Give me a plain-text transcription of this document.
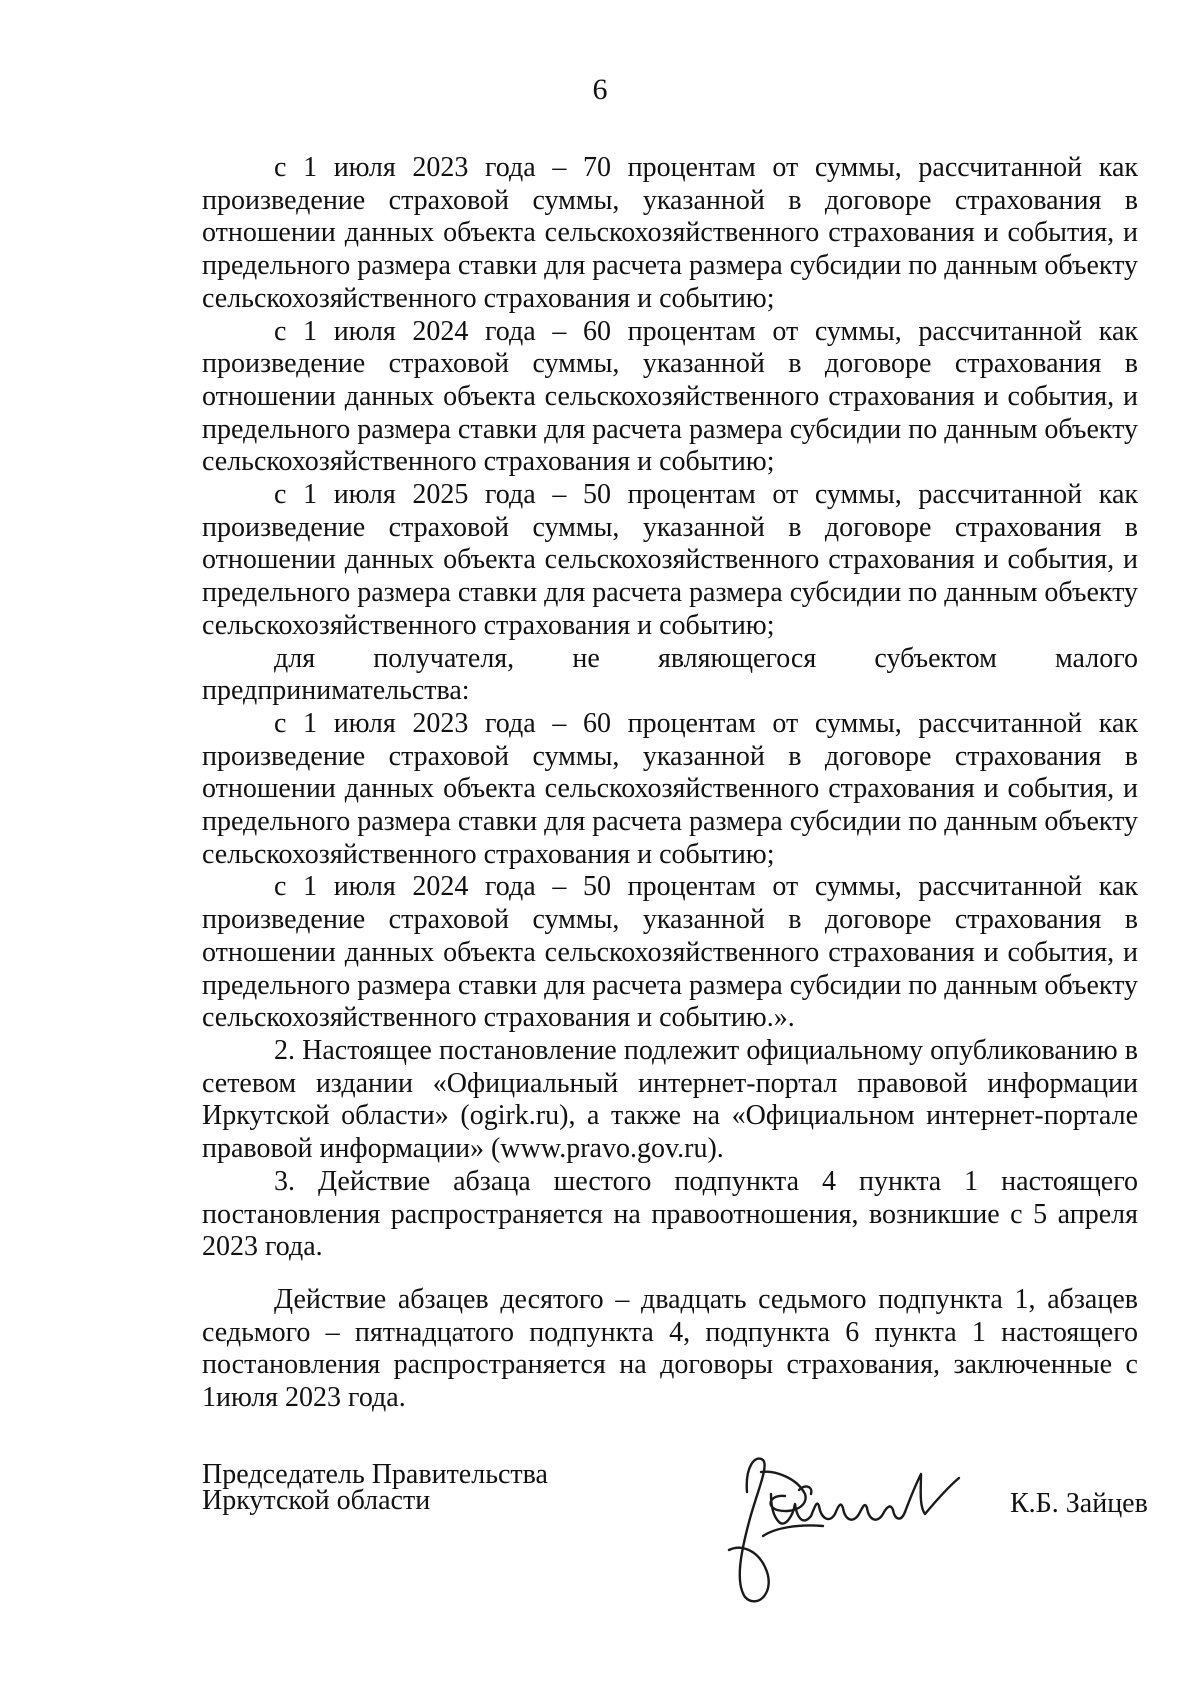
6

с 1 июля 2023 года – 70 процентам от суммы, рассчитанной как произведение страховой суммы, указанной в договоре страхования в отношении данных объекта сельскохозяйственного страхования и события, и предельного размера ставки для расчета размера субсидии по данным объекту сельскохозяйственного страхования и событию;

с 1 июля 2024 года – 60 процентам от суммы, рассчитанной как произведение страховой суммы, указанной в договоре страхования в отношении данных объекта сельскохозяйственного страхования и события, и предельного размера ставки для расчета размера субсидии по данным объекту сельскохозяйственного страхования и событию;

с 1 июля 2025 года – 50 процентам от суммы, рассчитанной как произведение страховой суммы, указанной в договоре страхования в отношении данных объекта сельскохозяйственного страхования и события, и предельного размера ставки для расчета размера субсидии по данным объекту сельскохозяйственного страхования и событию;

для получателя, не являющегося субъектом малого предпринимательства:

с 1 июля 2023 года – 60 процентам от суммы, рассчитанной как произведение страховой суммы, указанной в договоре страхования в отношении данных объекта сельскохозяйственного страхования и события, и предельного размера ставки для расчета размера субсидии по данным объекту сельскохозяйственного страхования и событию;

с 1 июля 2024 года – 50 процентам от суммы, рассчитанной как произведение страховой суммы, указанной в договоре страхования в отношении данных объекта сельскохозяйственного страхования и события, и предельного размера ставки для расчета размера субсидии по данным объекту сельскохозяйственного страхования и событию.».

2. Настоящее постановление подлежит официальному опубликованию в сетевом издании «Официальный интернет-портал правовой информации Иркутской области» (ogirk.ru), а также на «Официальном интернет-портале правовой информации» (www.pravo.gov.ru).

3. Действие абзаца шестого подпункта 4 пункта 1 настоящего постановления распространяется на правоотношения, возникшие с 5 апреля 2023 года.

Действие абзацев десятого – двадцать седьмого подпункта 1, абзацев седьмого – пятнадцатого подпункта 4, подпункта 6 пункта 1 настоящего постановления распространяется на договоры страхования, заключенные с 1июля 2023 года.

Председатель Правительства
Иркутской области	К.Б. Зайцев
